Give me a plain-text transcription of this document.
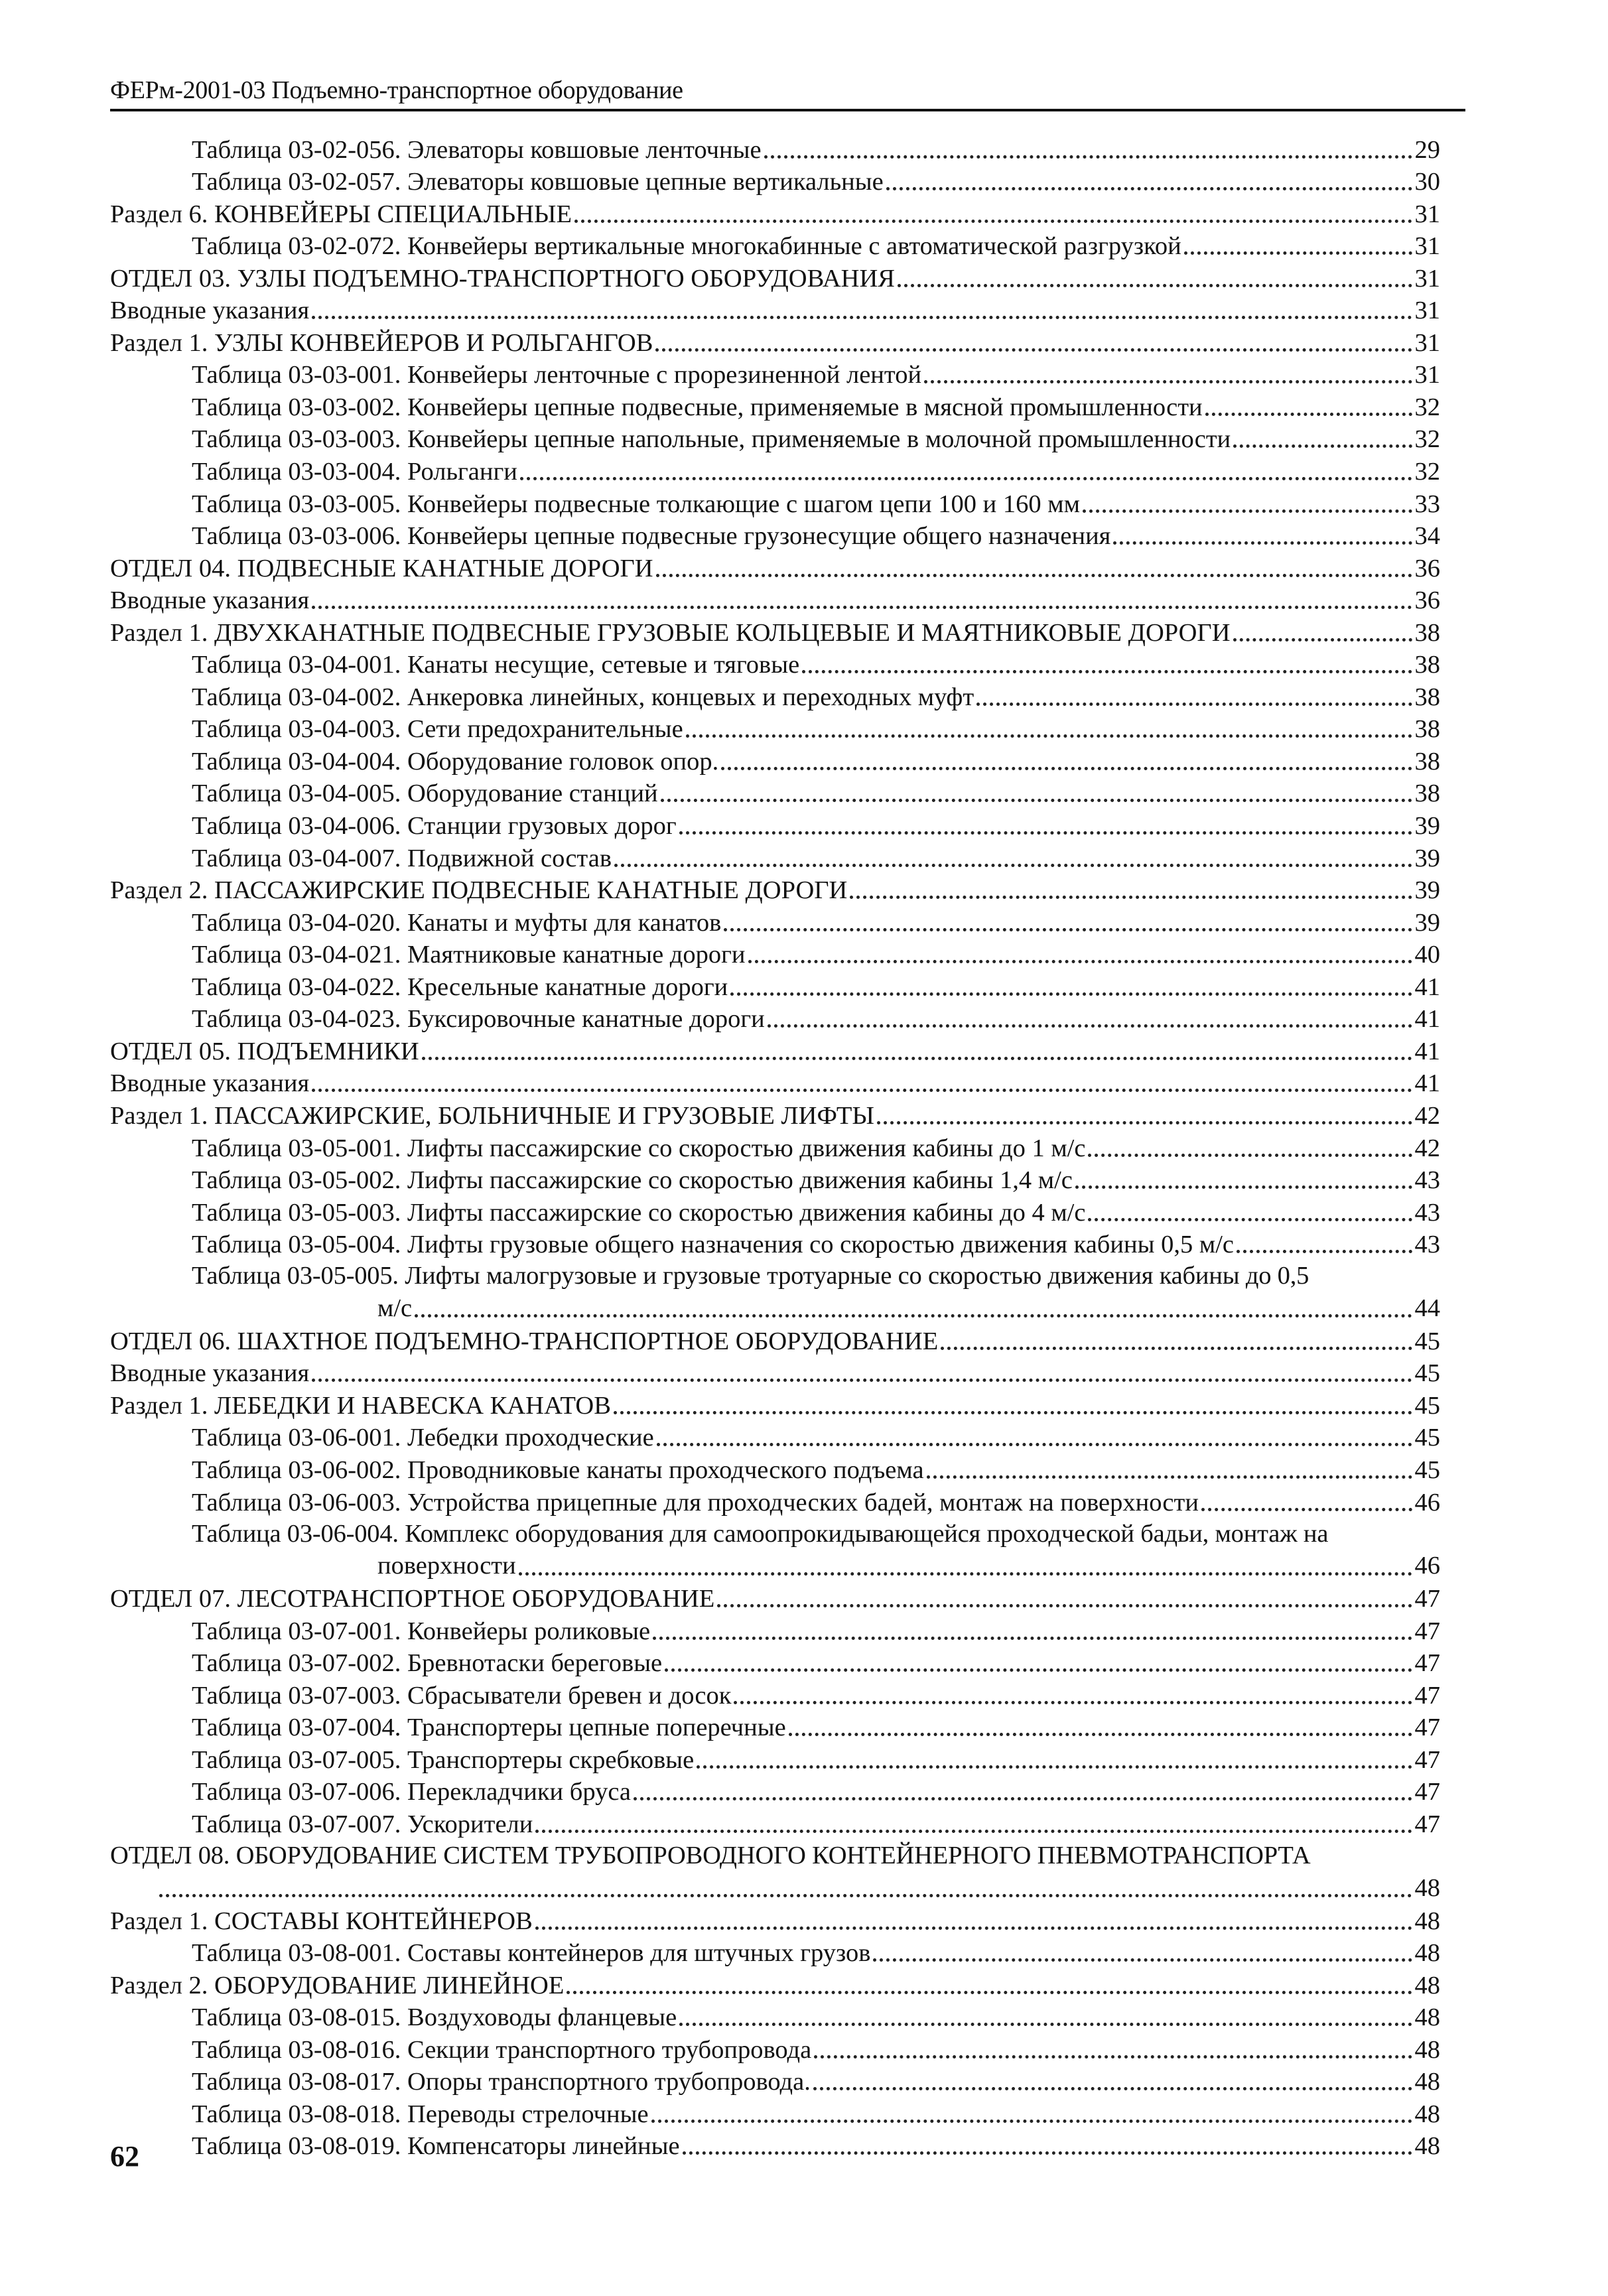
ФЕРм-2001-03 Подъемно-транспортное оборудование
Таблица 03-02-056. Элеваторы ковшовые ленточные	29
Таблица 03-02-057. Элеваторы ковшовые цепные вертикальные	30
Раздел 6. КОНВЕЙЕРЫ СПЕЦИАЛЬНЫЕ	31
Таблица 03-02-072. Конвейеры вертикальные многокабинные с автоматической разгрузкой	31
ОТДЕЛ 03. УЗЛЫ ПОДЪЕМНО-ТРАНСПОРТНОГО ОБОРУДОВАНИЯ	31
Вводные указания	31
Раздел 1. УЗЛЫ КОНВЕЙЕРОВ И РОЛЬГАНГОВ	31
Таблица 03-03-001. Конвейеры ленточные с прорезиненной лентой	31
Таблица 03-03-002. Конвейеры цепные подвесные, применяемые в мясной промышленности	32
Таблица 03-03-003. Конвейеры цепные напольные, применяемые в молочной промышленности	32
Таблица 03-03-004. Рольганги	32
Таблица 03-03-005. Конвейеры подвесные толкающие с шагом цепи 100 и 160 мм	33
Таблица 03-03-006. Конвейеры цепные подвесные грузонесущие общего назначения	34
ОТДЕЛ 04. ПОДВЕСНЫЕ КАНАТНЫЕ ДОРОГИ	36
Вводные указания	36
Раздел 1. ДВУХКАНАТНЫЕ ПОДВЕСНЫЕ ГРУЗОВЫЕ КОЛЬЦЕВЫЕ И МАЯТНИКОВЫЕ ДОРОГИ	38
Таблица 03-04-001. Канаты несущие, сетевые и тяговые	38
Таблица 03-04-002. Анкеровка линейных, концевых и переходных муфт	38
Таблица 03-04-003. Сети предохранительные	38
Таблица 03-04-004. Оборудование головок опор.	38
Таблица 03-04-005. Оборудование станций	38
Таблица 03-04-006. Станции грузовых дорог	39
Таблица 03-04-007. Подвижной состав	39
Раздел 2. ПАССАЖИРСКИЕ ПОДВЕСНЫЕ КАНАТНЫЕ ДОРОГИ	39
Таблица 03-04-020. Канаты и муфты для канатов	39
Таблица 03-04-021. Маятниковые канатные дороги	40
Таблица 03-04-022. Кресельные канатные дороги	41
Таблица 03-04-023. Буксировочные канатные дороги	41
ОТДЕЛ 05. ПОДЪЕМНИКИ	41
Вводные указания	41
Раздел 1. ПАССАЖИРСКИЕ, БОЛЬНИЧНЫЕ И ГРУЗОВЫЕ ЛИФТЫ	42
Таблица 03-05-001. Лифты пассажирские со скоростью движения кабины до 1 м/с	42
Таблица 03-05-002. Лифты пассажирские со скоростью движения кабины 1,4 м/с	43
Таблица 03-05-003. Лифты пассажирские со скоростью движения кабины до 4 м/с	43
Таблица 03-05-004. Лифты грузовые общего назначения со скоростью движения кабины 0,5 м/с	43
Таблица 03-05-005. Лифты малогрузовые и грузовые тротуарные со скоростью движения кабины до 0,5
м/с	44
ОТДЕЛ 06. ШАХТНОЕ ПОДЪЕМНО-ТРАНСПОРТНОЕ ОБОРУДОВАНИЕ	45
Вводные указания	45
Раздел 1. ЛЕБЕДКИ И НАВЕСКА КАНАТОВ	45
Таблица 03-06-001. Лебедки проходческие	45
Таблица 03-06-002. Проводниковые канаты проходческого подъема	45
Таблица 03-06-003. Устройства прицепные для проходческих бадей, монтаж на поверхности	46
Таблица 03-06-004. Комплекс оборудования для самоопрокидывающейся проходческой бадьи, монтаж на
поверхности	46
ОТДЕЛ 07. ЛЕСОТРАНСПОРТНОЕ ОБОРУДОВАНИЕ	47
Таблица 03-07-001. Конвейеры роликовые	47
Таблица 03-07-002. Бревнотаски береговые	47
Таблица 03-07-003. Сбрасыватели бревен и досок	47
Таблица 03-07-004. Транспортеры цепные поперечные	47
Таблица 03-07-005. Транспортеры скребковые	47
Таблица 03-07-006. Перекладчики бруса	47
Таблица 03-07-007. Ускорители	47
ОТДЕЛ 08. ОБОРУДОВАНИЕ СИСТЕМ ТРУБОПРОВОДНОГО КОНТЕЙНЕРНОГО ПНЕВМОТРАНСПОРТА
48
Раздел 1. СОСТАВЫ КОНТЕЙНЕРОВ	48
Таблица 03-08-001. Составы контейнеров для штучных грузов	48
Раздел 2. ОБОРУДОВАНИЕ ЛИНЕЙНОЕ	48
Таблица 03-08-015. Воздуховоды фланцевые	48
Таблица 03-08-016. Секции транспортного трубопровода	48
Таблица 03-08-017. Опоры транспортного трубопровода.	48
Таблица 03-08-018. Переводы стрелочные	48
Таблица 03-08-019. Компенсаторы линейные	48
62
